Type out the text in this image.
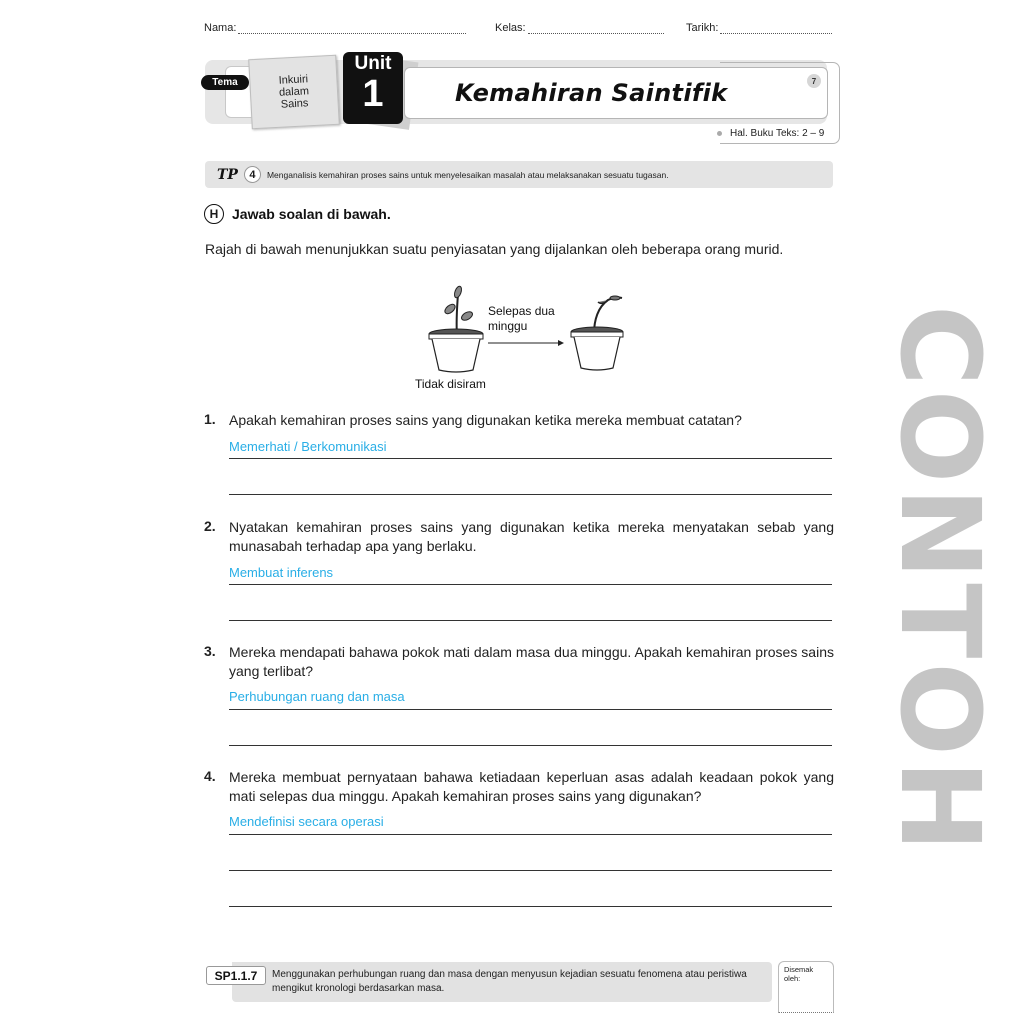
CONTOH
Nama:	Kelas:	Tarikh:
Inkuiri dalam Sains
Tema
Unit
1	Kemahiran Saintifik	7
Hal. Buku Teks: 2 – 9
TP	4	Menganalisis kemahiran proses sains untuk menyelesaikan masalah atau melaksanakan sesuatu tugasan.
H Jawab soalan di bawah.
Rajah di bawah menunjukkan suatu penyiasatan yang dijalankan oleh beberapa orang murid.
Selepas dua minggu
Tidak disiram
1. Apakah kemahiran proses sains yang digunakan ketika mereka membuat catatan?
Memerhati / Berkomunikasi
2. Nyatakan kemahiran proses sains yang digunakan ketika mereka menyatakan sebab yang munasabah terhadap apa yang berlaku.
Membuat inferens
3. Mereka mendapati bahawa pokok mati dalam masa dua minggu. Apakah kemahiran proses sains yang terlibat?
Perhubungan ruang dan masa
4. Mereka membuat pernyataan bahawa ketiadaan keperluan asas adalah keadaan pokok yang mati selepas dua minggu. Apakah kemahiran proses sains yang digunakan?
Mendefinisi secara operasi
SP1.1.7	Menggunakan perhubungan ruang dan masa dengan menyusun kejadian sesuatu fenomena atau peristiwa mengikut kronologi berdasarkan masa.
Disemak oleh:
